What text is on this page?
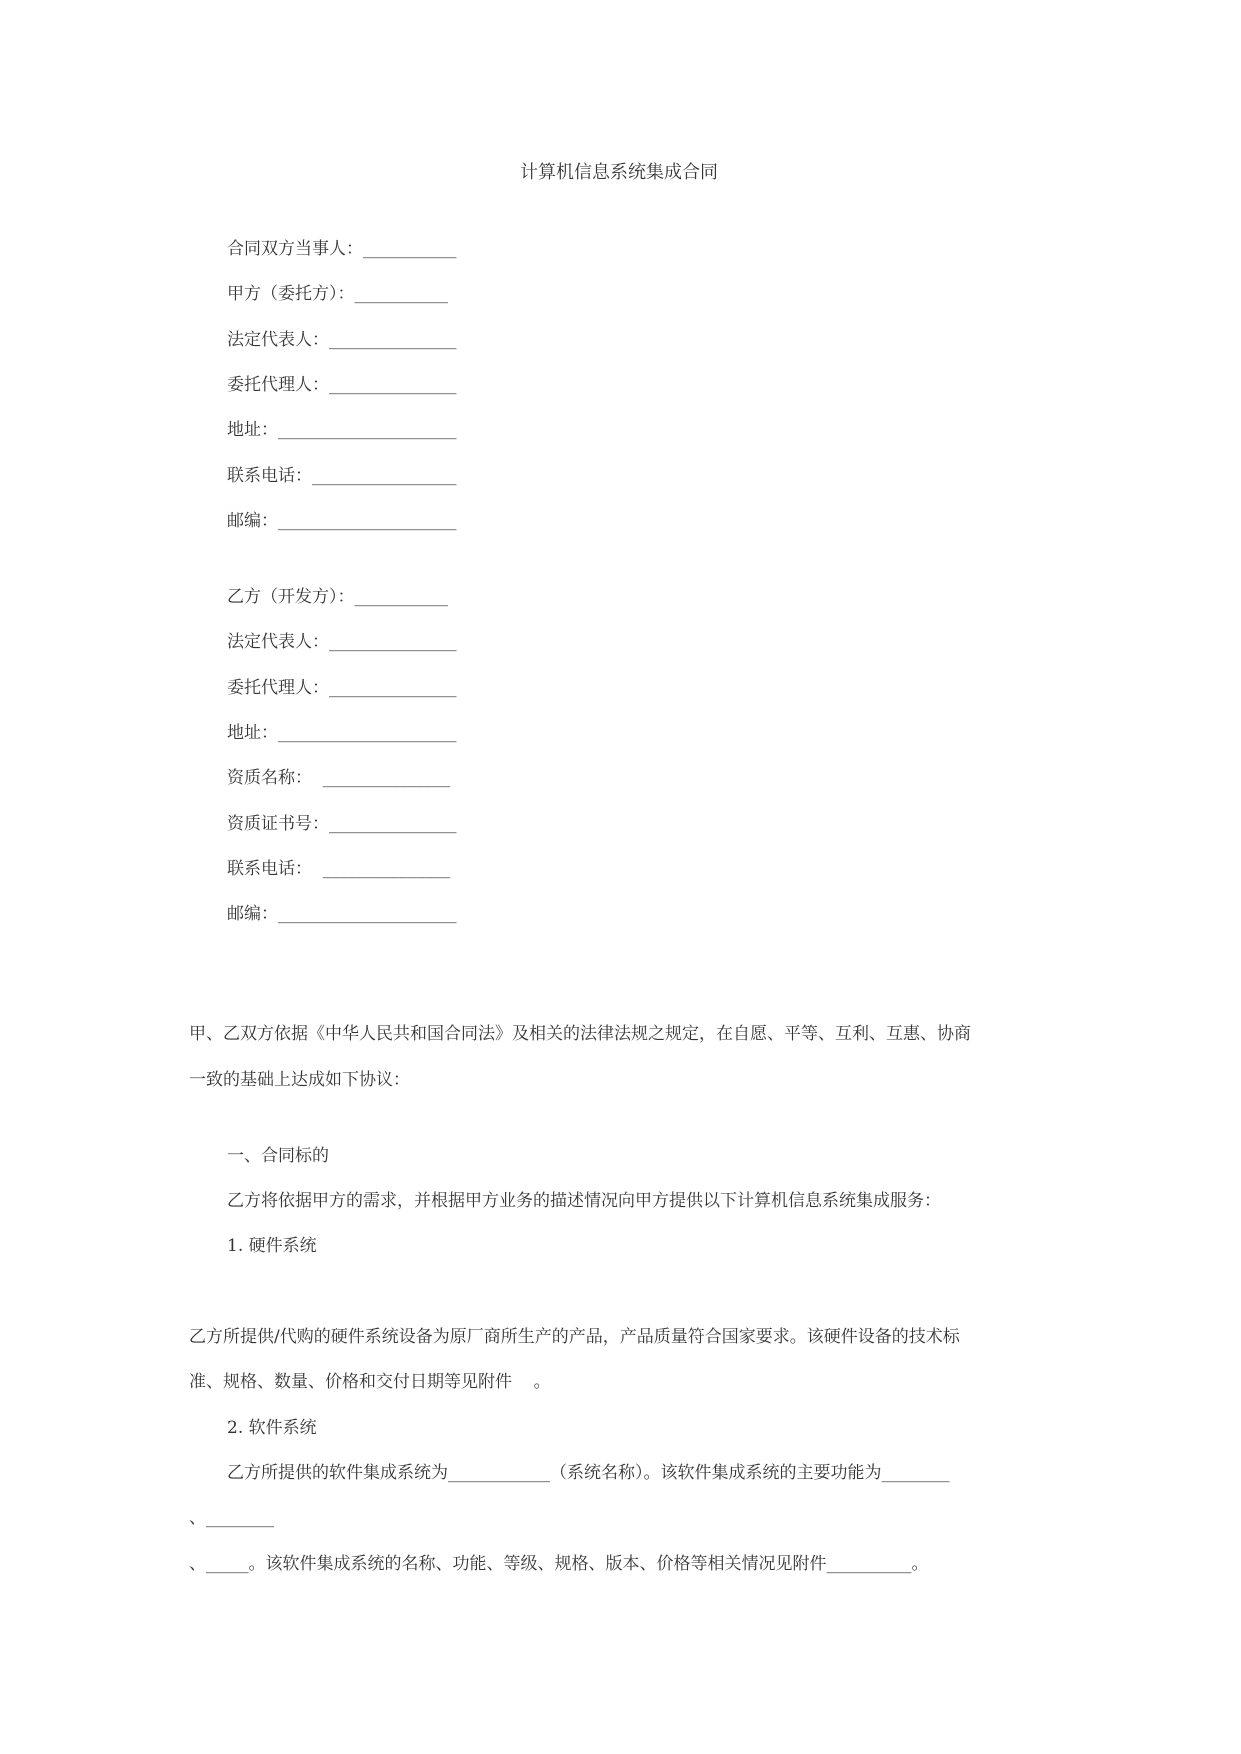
计算机信息系统集成合同
合同双方当事人：___________
甲方（委托方）：___________
法定代表人：_______________
委托代理人：_______________
地址：_____________________
联系电话：_________________
邮编：_____________________
乙方（开发方）：___________
法定代表人：_______________
委托代理人：_______________
地址：_____________________
资质名称：  _______________
资质证书号：_______________
联系电话：  _______________
邮编：_____________________
甲、乙双方依据《中华人民共和国合同法》及相关的法律法规之规定，在自愿、平等、互利、互惠、协商
一致的基础上达成如下协议：
一、合同标的
乙方将依据甲方的需求，并根据甲方业务的描述情况向甲方提供以下计算机信息系统集成服务：
1. 硬件系统
乙方所提供/代购的硬件系统设备为原厂商所生产的产品，产品质量符合国家要求。该硬件设备的技术标
准、规格、数量、价格和交付日期等见附件    。
2. 软件系统
乙方所提供的软件集成系统为____________（系统名称）。该软件集成系统的主要功能为________
、________
、_____。该软件集成系统的名称、功能、等级、规格、版本、价格等相关情况见附件__________。
